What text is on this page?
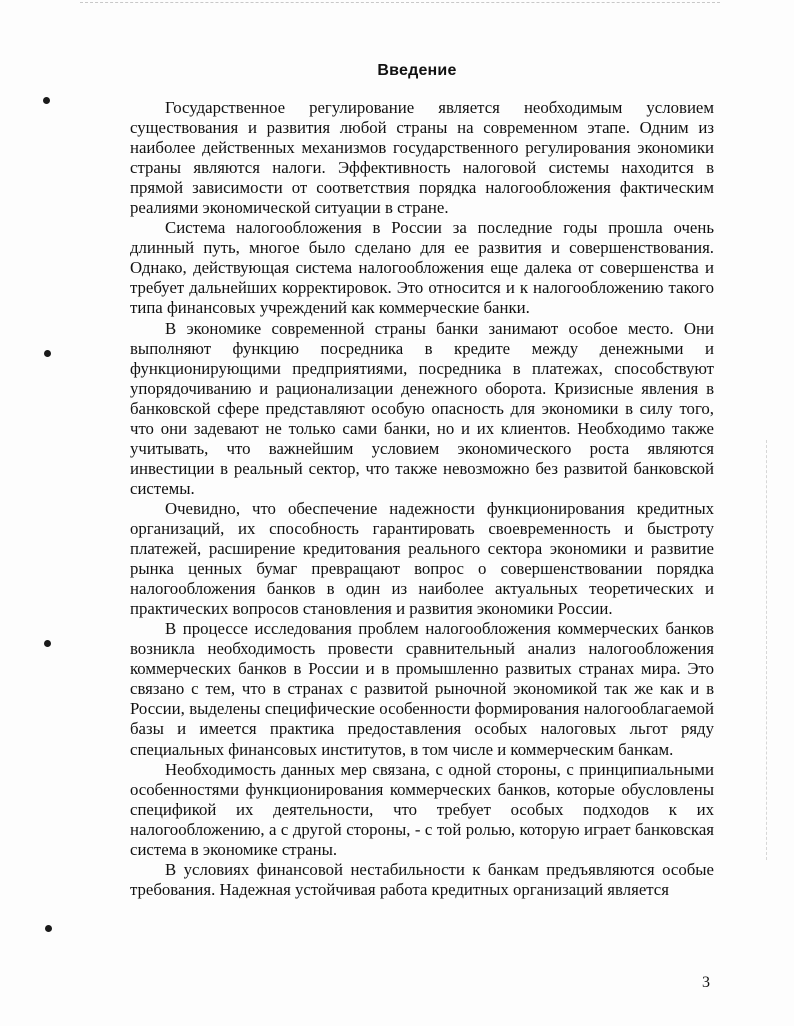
Введение

Государственное регулирование является необходимым условием существования и развития любой страны на современном этапе. Одним из наиболее действенных механизмов государственного регулирования экономики страны являются налоги. Эффективность налоговой системы находится в прямой зависимости от соответствия порядка налогообложения фактическим реалиями экономической ситуации в стране.

Система налогообложения в России за последние годы прошла очень длинный путь, многое было сделано для ее развития и совершенствования. Однако, действующая система налогообложения еще далека от совершенства и требует дальнейших корректировок. Это относится и к налогообложению такого типа финансовых учреждений как коммерческие банки.

В экономике современной страны банки занимают особое место. Они выполняют функцию посредника в кредите между денежными и функционирующими предприятиями, посредника в платежах, способствуют упорядочиванию и рационализации денежного оборота. Кризисные явления в банковской сфере представляют особую опасность для экономики в силу того, что они задевают не только сами банки, но и их клиентов. Необходимо также учитывать, что важнейшим условием экономического роста являются инвестиции в реальный сектор, что также невозможно без развитой банковской системы.

Очевидно, что обеспечение надежности функционирования кредитных организаций, их способность гарантировать своевременность и быстроту платежей, расширение кредитования реального сектора экономики и развитие рынка ценных бумаг превращают вопрос о совершенствовании порядка налогообложения банков в один из наиболее актуальных теоретических и практических вопросов становления и развития экономики России.

В процессе исследования проблем налогообложения коммерческих банков возникла необходимость провести сравнительный анализ налогообложения коммерческих банков в России и в промышленно развитых странах мира. Это связано с тем, что в странах с развитой рыночной экономикой так же как и в России, выделены специфические особенности формирования налогооблагаемой базы и имеется практика предоставления особых налоговых льгот ряду специальных финансовых институтов, в том числе и коммерческим банкам.

Необходимость данных мер связана, с одной стороны, с принципиальными особенностями функционирования коммерческих банков, которые обусловлены спецификой их деятельности, что требует особых подходов к их налогообложению, а с другой стороны, - с той ролью, которую играет банковская система в экономике страны.

В условиях финансовой нестабильности к банкам предъявляются особые требования. Надежная устойчивая работа кредитных организаций является

3
